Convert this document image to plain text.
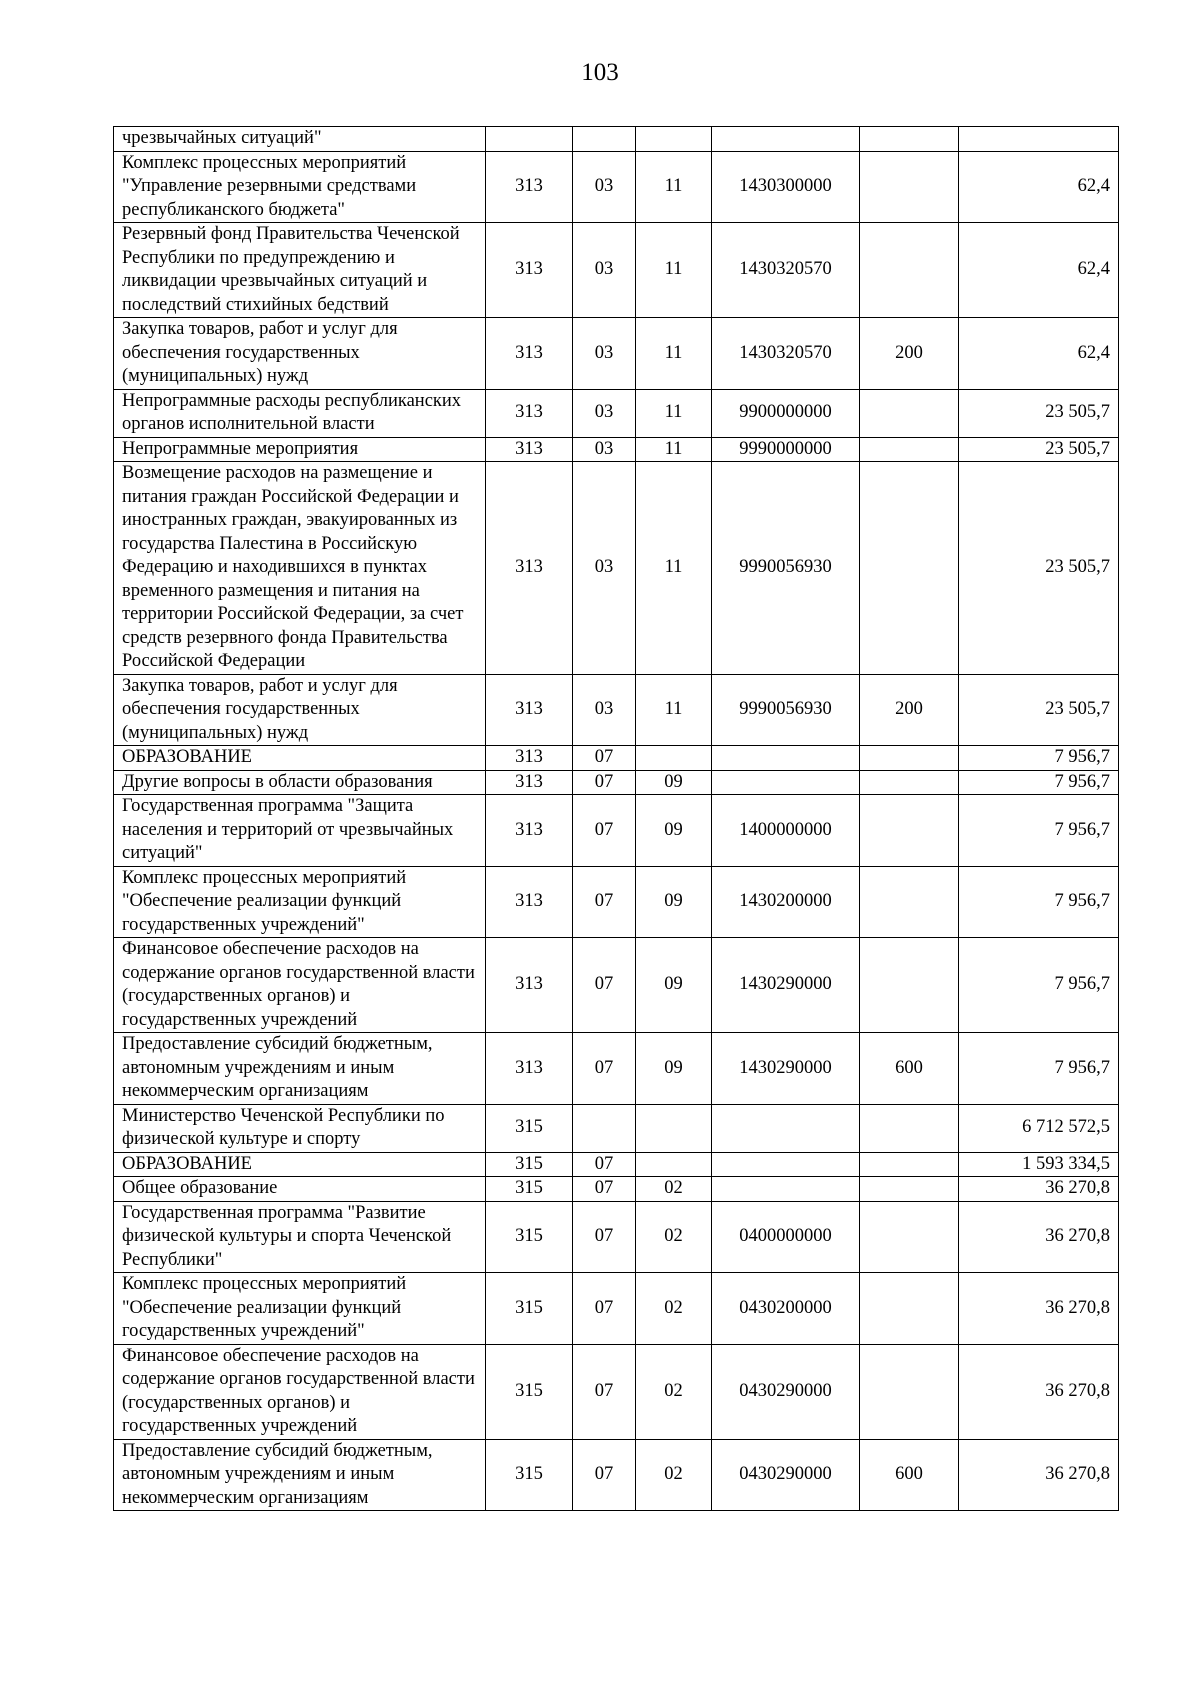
103
чрезвычайных ситуаций"						
Комплекс процессных мероприятий "Управление резервными средствами республиканского бюджета"	313	03	11	1430300000		62,4
Резервный фонд Правительства Чеченской Республики по предупреждению и ликвидации чрезвычайных ситуаций и последствий стихийных бедствий	313	03	11	1430320570		62,4
Закупка товаров, работ и услуг для обеспечения государственных (муниципальных) нужд	313	03	11	1430320570	200	62,4
Непрограммные расходы республиканских органов исполнительной власти	313	03	11	9900000000		23 505,7
Непрограммные мероприятия	313	03	11	9990000000		23 505,7
Возмещение расходов на размещение и питания граждан Российской Федерации и иностранных граждан, эвакуированных из государства Палестина в Российскую Федерацию и находившихся в пунктах временного размещения и питания на территории Российской Федерации, за счет средств резервного фонда Правительства Российской Федерации	313	03	11	9990056930		23 505,7
Закупка товаров, работ и услуг для обеспечения государственных (муниципальных) нужд	313	03	11	9990056930	200	23 505,7
ОБРАЗОВАНИЕ	313	07				7 956,7
Другие вопросы в области образования	313	07	09			7 956,7
Государственная программа "Защита населения и территорий от чрезвычайных ситуаций"	313	07	09	1400000000		7 956,7
Комплекс процессных мероприятий "Обеспечение реализации функций государственных учреждений"	313	07	09	1430200000		7 956,7
Финансовое обеспечение расходов на содержание органов государственной власти (государственных органов) и государственных учреждений	313	07	09	1430290000		7 956,7
Предоставление субсидий бюджетным, автономным учреждениям и иным некоммерческим организациям	313	07	09	1430290000	600	7 956,7
Министерство Чеченской Республики по физической культуре и спорту	315					6 712 572,5
ОБРАЗОВАНИЕ	315	07				1 593 334,5
Общее образование	315	07	02			36 270,8
Государственная программа "Развитие физической культуры и спорта Чеченской Республики"	315	07	02	0400000000		36 270,8
Комплекс процессных мероприятий "Обеспечение реализации функций государственных учреждений"	315	07	02	0430200000		36 270,8
Финансовое обеспечение расходов на содержание органов государственной власти (государственных органов) и государственных учреждений	315	07	02	0430290000		36 270,8
Предоставление субсидий бюджетным, автономным учреждениям и иным некоммерческим организациям	315	07	02	0430290000	600	36 270,8
